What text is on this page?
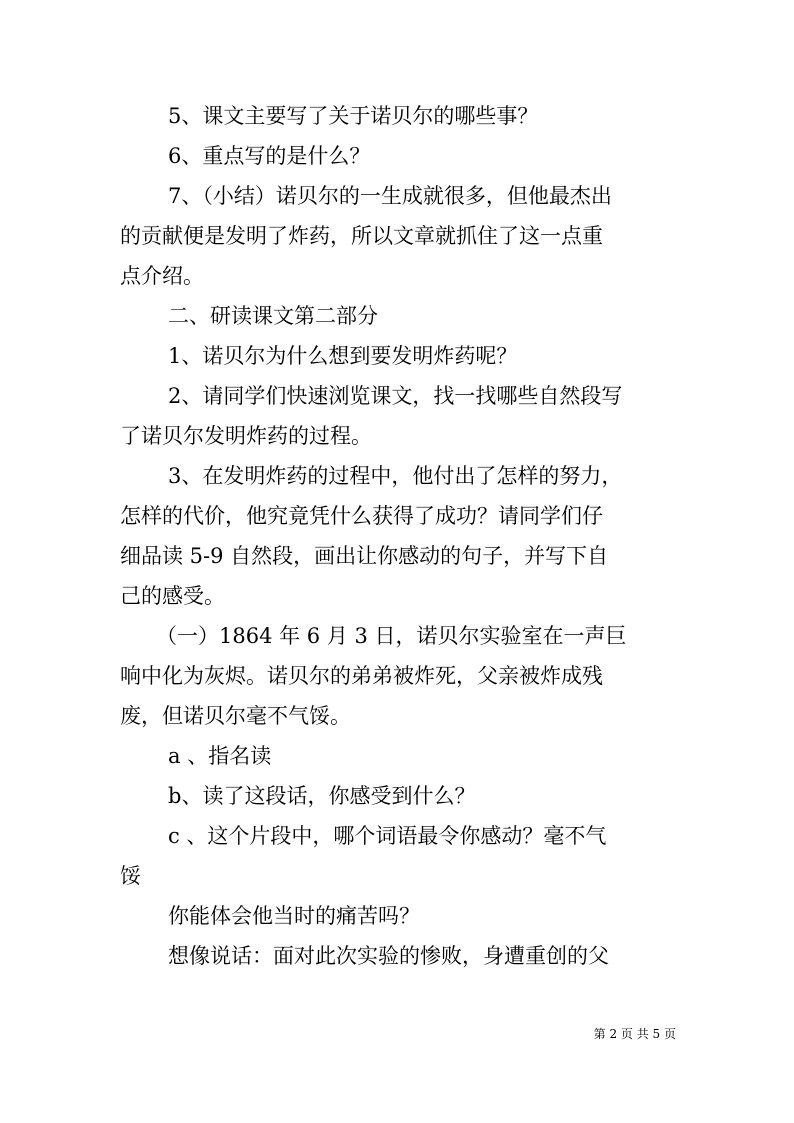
5、课文主要写了关于诺贝尔的哪些事？
6、重点写的是什么？
7、（小结）诺贝尔的一生成就很多，但他最杰出
的贡献便是发明了炸药，所以文章就抓住了这一点重
点介绍。
二、研读课文第二部分
1、诺贝尔为什么想到要发明炸药呢？
2、请同学们快速浏览课文，找一找哪些自然段写
了诺贝尔发明炸药的过程。
3、在发明炸药的过程中，他付出了怎样的努力，
怎样的代价，他究竟凭什么获得了成功？请同学们仔
细品读 5-9 自然段，画出让你感动的句子，并写下自
己的感受。
（一）1864 年 6 月 3 日，诺贝尔实验室在一声巨
响中化为灰烬。诺贝尔的弟弟被炸死，父亲被炸成残
废，但诺贝尔毫不气馁。
a 、指名读
b、读了这段话，你感受到什么？
c 、这个片段中，哪个词语最令你感动？毫不气
馁
你能体会他当时的痛苦吗？
想像说话：面对此次实验的惨败，身遭重创的父
第 2 页 共 5 页
